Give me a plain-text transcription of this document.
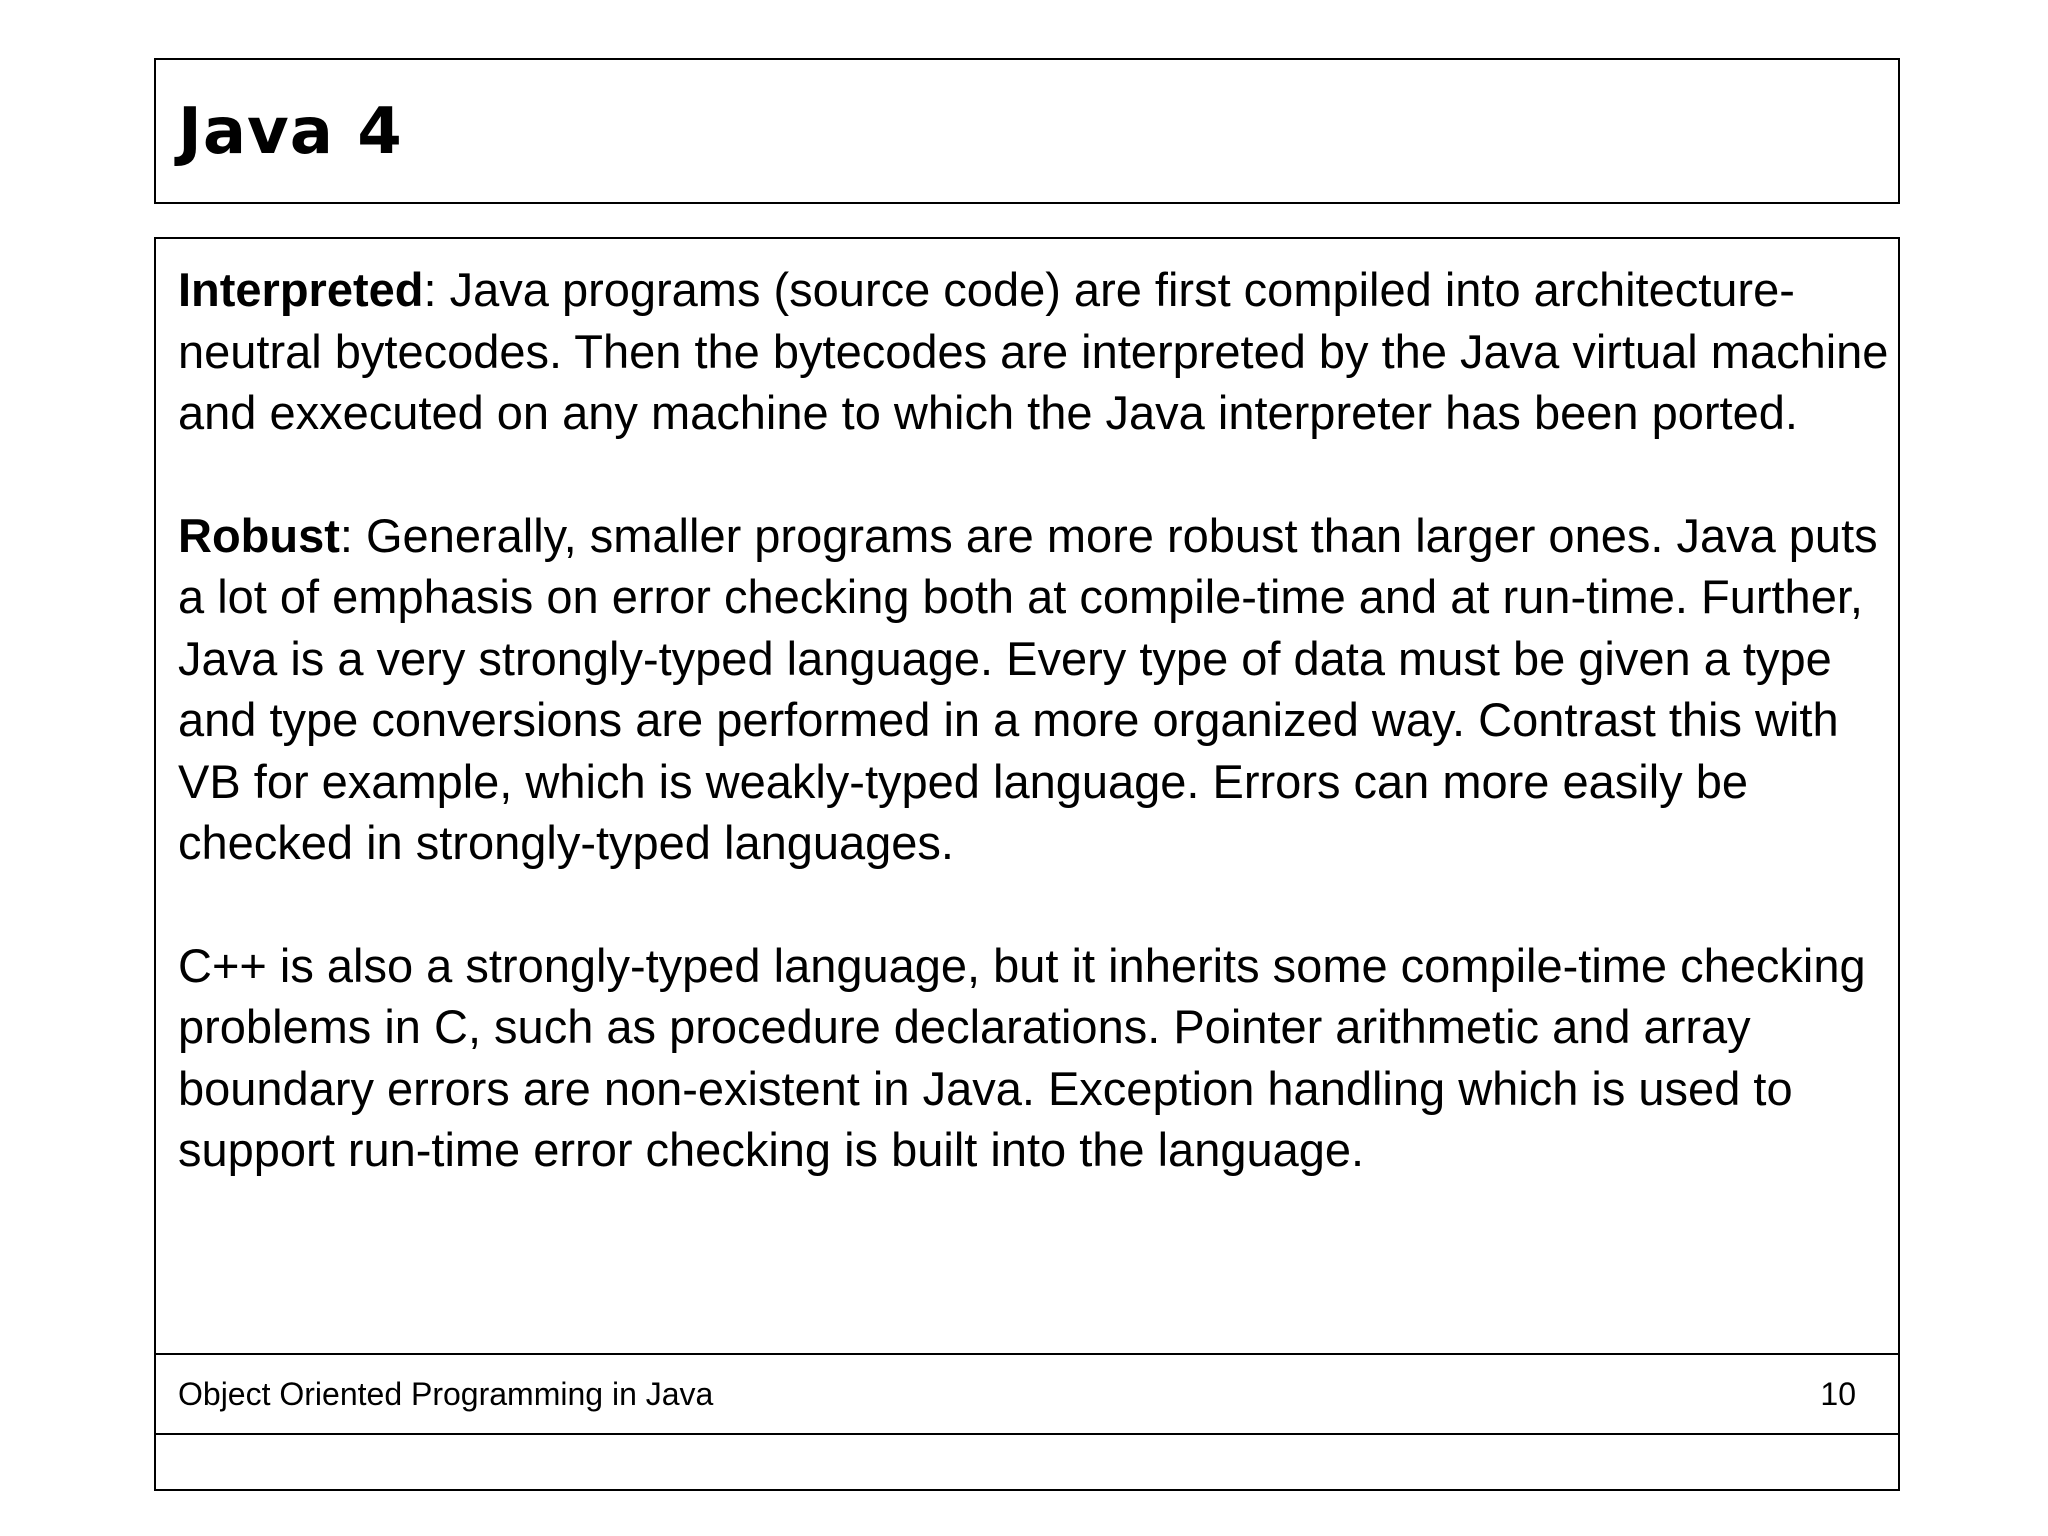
Java 4

Interpreted: Java programs (source code) are first compiled into architecture-neutral bytecodes. Then the bytecodes are interpreted by the Java virtual machine and exxecuted on any machine to which the Java interpreter has been ported.

Robust: Generally, smaller programs are more robust than larger ones. Java puts a lot of emphasis on error checking both at compile-time and at run-time. Further, Java is a very strongly-typed language. Every type of data must be given a type and type conversions are performed in a more organized way. Contrast this with VB for example, which is weakly-typed language. Errors can more easily be checked in strongly-typed languages.

C++ is also a strongly-typed language, but it inherits some compile-time checking problems in C, such as procedure declarations. Pointer arithmetic and array boundary errors are non-existent in Java. Exception handling which is used to support run-time error checking is built into the language.

Object Oriented Programming in Java	10
